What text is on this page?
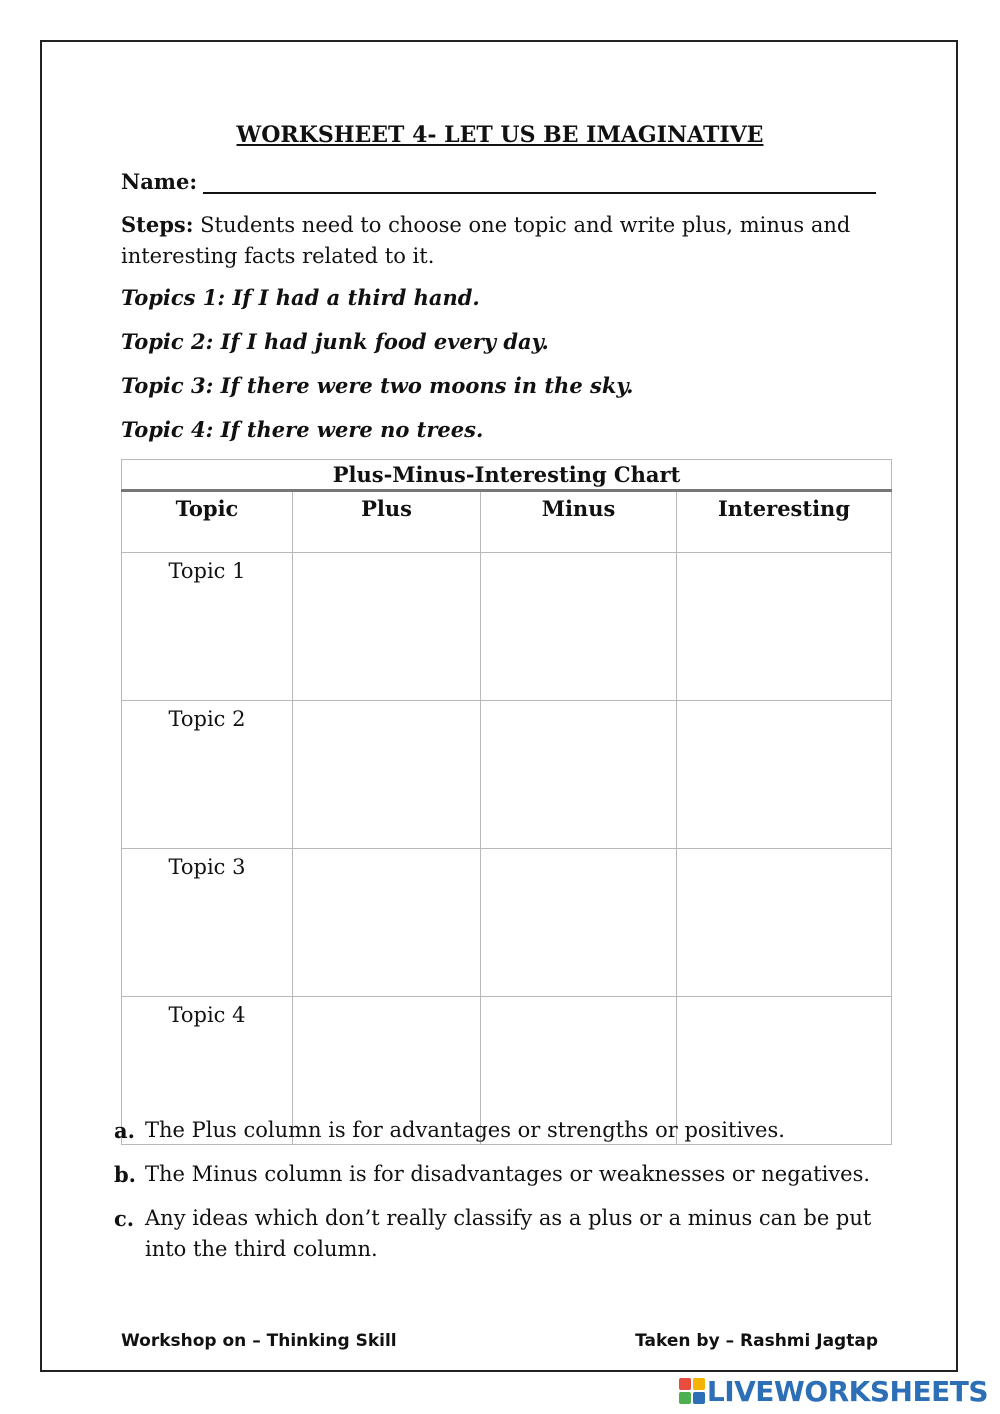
WORKSHEET 4- LET US BE IMAGINATIVE
Name:
Steps: Students need to choose one topic and write plus, minus and interesting facts related to it.
Topics 1: If I had a third hand.
Topic 2: If I had junk food every day.
Topic 3: If there were two moons in the sky.
Topic 4: If there were no trees.
Plus-Minus-Interesting Chart			
Topic	Plus	Minus	Interesting
Topic 1			
Topic 2			
Topic 3			
Topic 4			
a. The Plus column is for advantages or strengths or positives.
b. The Minus column is for disadvantages or weaknesses or negatives.
c. Any ideas which don’t really classify as a plus or a minus can be put into the third column.
Workshop on – Thinking Skill	Taken by – Rashmi Jagtap
LIVEWORKSHEETS
